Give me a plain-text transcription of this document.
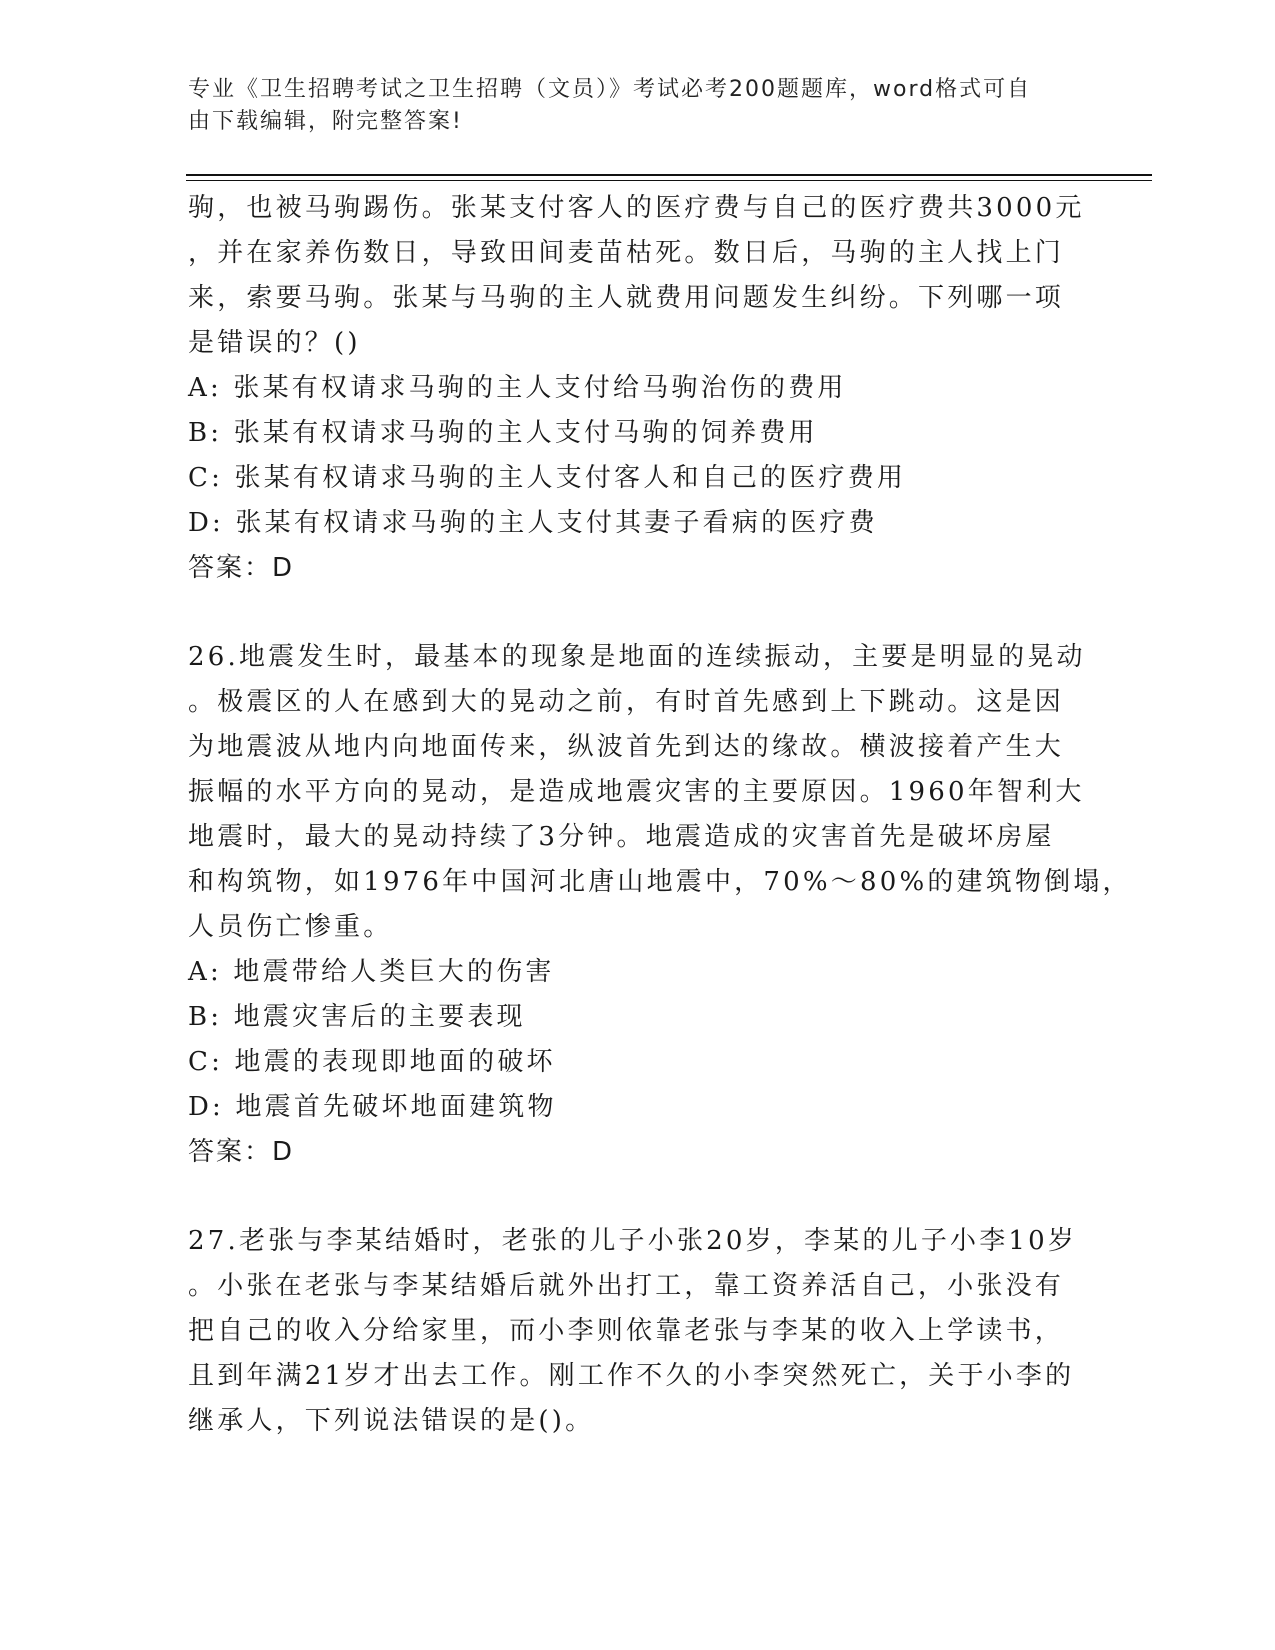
专业《卫生招聘考试之卫生招聘（文员）》考试必考200题题库，word格式可自
由下载编辑，附完整答案!
驹，也被马驹踢伤。张某支付客人的医疗费与自己的医疗费共3000元
，并在家养伤数日，导致田间麦苗枯死。数日后，马驹的主人找上门
来，索要马驹。张某与马驹的主人就费用问题发生纠纷。下列哪一项
是错误的？()
A: 张某有权请求马驹的主人支付给马驹治伤的费用
B: 张某有权请求马驹的主人支付马驹的饲养费用
C: 张某有权请求马驹的主人支付客人和自己的医疗费用
D: 张某有权请求马驹的主人支付其妻子看病的医疗费
答案：D
26.地震发生时，最基本的现象是地面的连续振动，主要是明显的晃动
。极震区的人在感到大的晃动之前，有时首先感到上下跳动。这是因
为地震波从地内向地面传来，纵波首先到达的缘故。横波接着产生大
振幅的水平方向的晃动，是造成地震灾害的主要原因。1960年智利大
地震时，最大的晃动持续了3分钟。地震造成的灾害首先是破坏房屋
和构筑物，如1976年中国河北唐山地震中，70%～80%的建筑物倒塌，
人员伤亡惨重。
A: 地震带给人类巨大的伤害
B: 地震灾害后的主要表现
C: 地震的表现即地面的破坏
D: 地震首先破坏地面建筑物
答案：D
27.老张与李某结婚时，老张的儿子小张20岁，李某的儿子小李10岁
。小张在老张与李某结婚后就外出打工，靠工资养活自己，小张没有
把自己的收入分给家里，而小李则依靠老张与李某的收入上学读书，
且到年满21岁才出去工作。刚工作不久的小李突然死亡，关于小李的
继承人，下列说法错误的是()。
